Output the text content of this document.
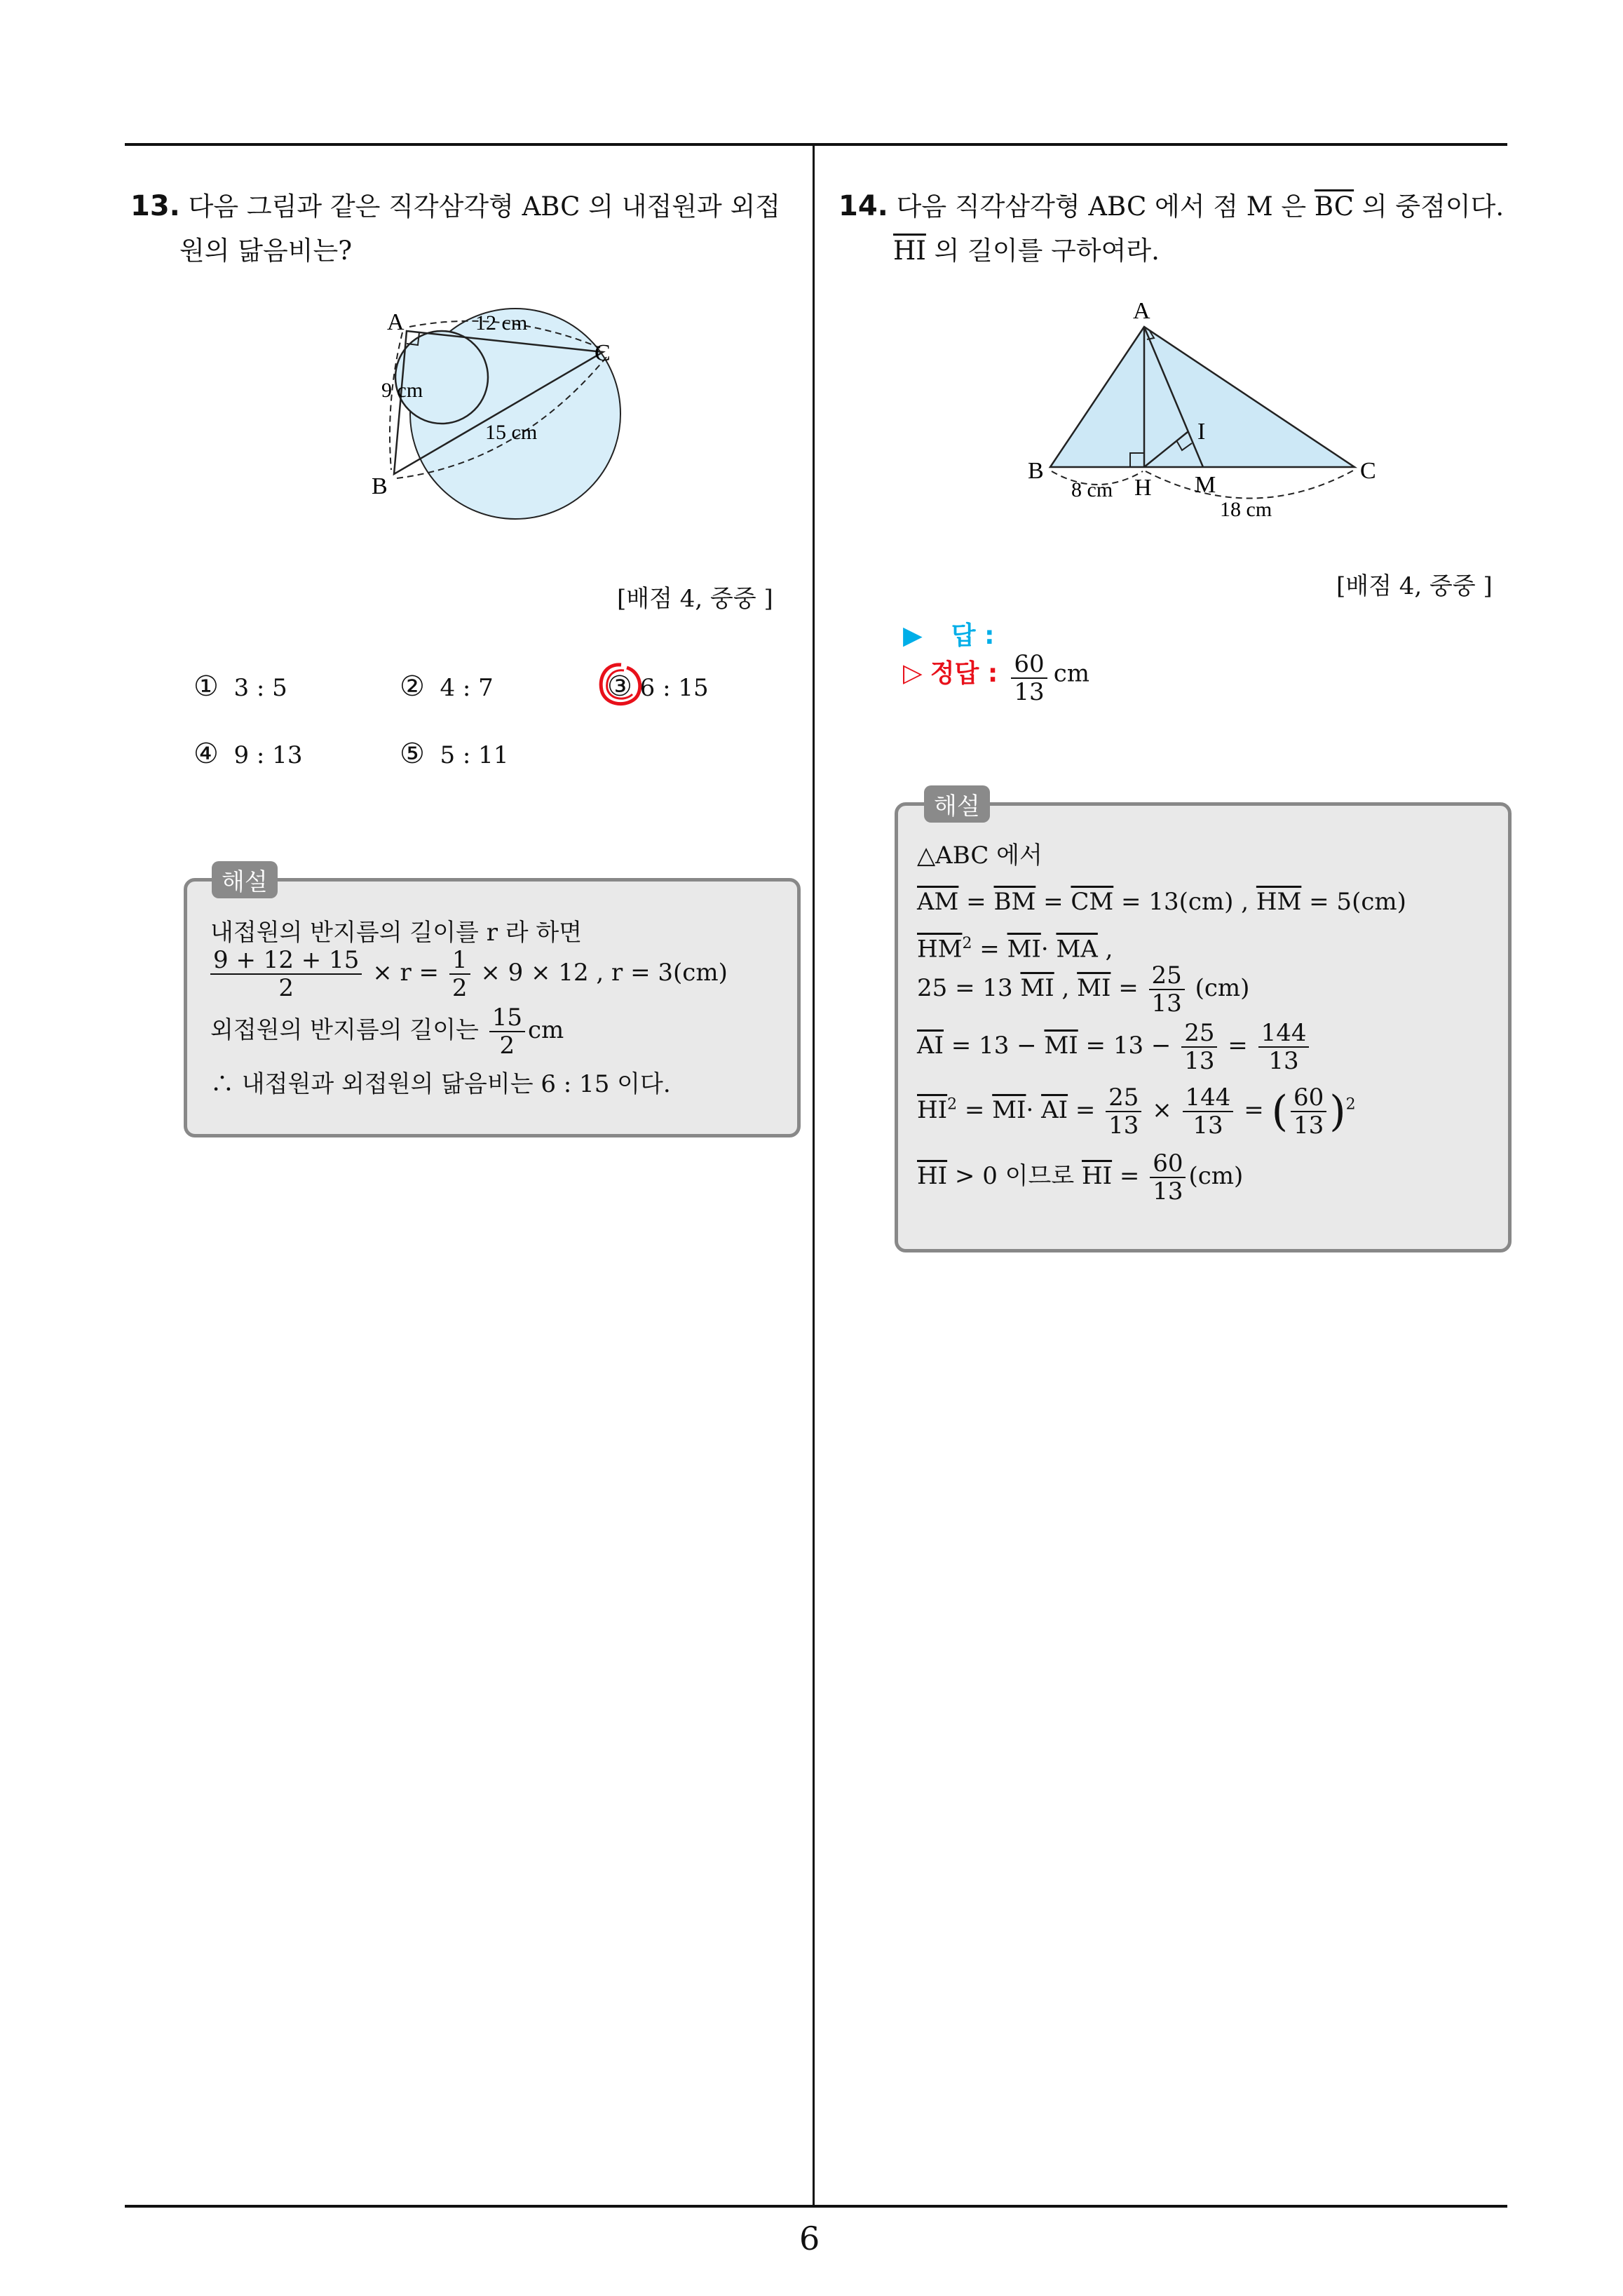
13. 다음 그림과 같은 직각삼각형 ABC 의 내접원과 외접
원의 닮음비는?
A
C
B
12 cm
9 cm
15 cm
[배점 4, 중중 ]
① 3 : 5	② 4 : 7	③ 6 : 15
④ 9 : 13	⑤ 5 : 11
해설
내접원의 반지름의 길이를 r 라 하면
$\frac{9 + 12 + 15}{2} \times r = \frac{1}{2} \times 9 \times 12$ , r = 3(cm)
외접원의 반지름의 길이는 $\frac{15}{2}$ cm
∴ 내접원과 외접원의 닮음비는 6 : 15 이다.
14. 다음 직각삼각형 ABC 에서 점 M 은 $\overline{BC}$ 의 중점이다.
$\overline{HI}$ 의 길이를 구하여라.
A
B	C
H M
I
8 cm
18 cm
[배점 4, 중중 ]
▶ 답 :
▷ 정답 : $\frac{60}{13}$ cm
해설
△ABC 에서
$\overline{AM} = \overline{BM} = \overline{CM} = 13(cm)$ , $\overline{HM} = 5(cm)$
$\overline{HM}^2 = \overline{MI}\cdot \overline{MA}$ ,
25 = 13 $\overline{MI}$ , $\overline{MI} = \frac{25}{13} (cm)$
$\overline{AI} = 13 - \overline{MI} = 13 - \frac{25}{13} = \frac{144}{13}$
$\overline{HI}^2 = \overline{MI}\cdot \overline{AI} = \frac{25}{13} \times \frac{144}{13}$ = ( $\frac{60}{13} )^2$
$\overline{HI} > 0$ 이므로 $\overline{HI} = \frac{60}{13} (cm)$
6
